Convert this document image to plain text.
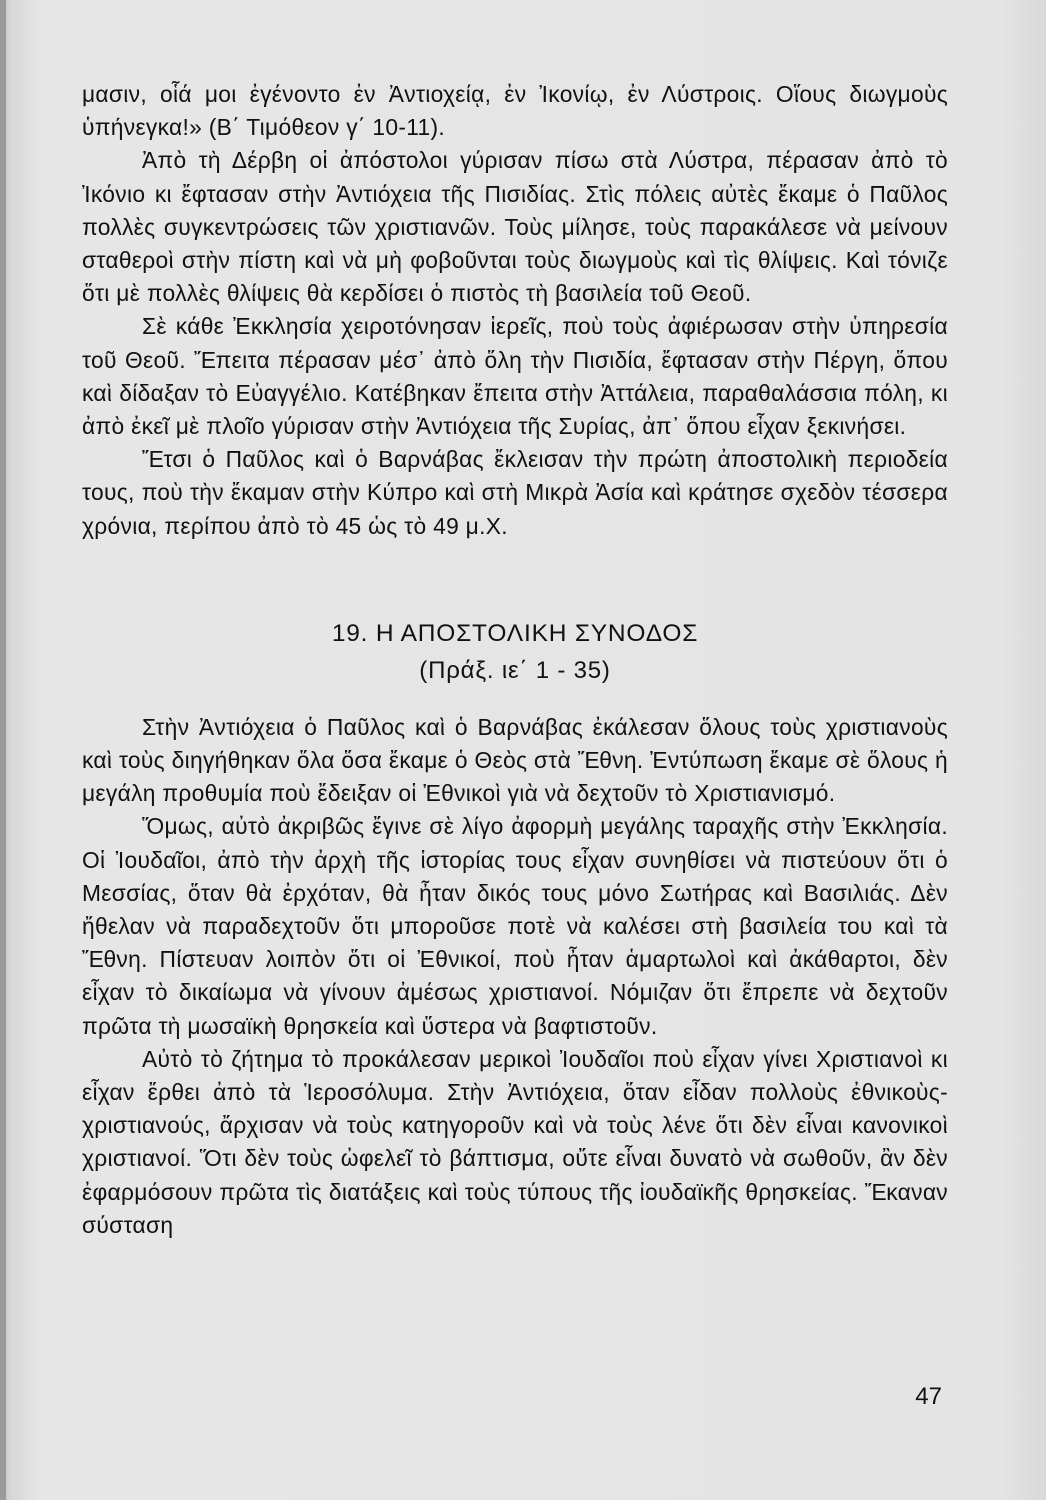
μασιν, οἷά μοι ἐγένοντο ἐν Ἀντιοχείᾳ, ἐν Ἰκονίῳ, ἐν Λύστροις. Οἵους διωγμοὺς ὑπήνεγκα!» (Β΄ Τιμόθεον γ΄ 10-11).

Ἀπὸ τὴ Δέρβη οἱ ἀπόστολοι γύρισαν πίσω στὰ Λύστρα, πέρασαν ἀπὸ τὸ Ἰκόνιο κι ἔφτασαν στὴν Ἀντιόχεια τῆς Πισιδίας. Στὶς πόλεις αὐτὲς ἔκαμε ὁ Παῦλος πολλὲς συγκεντρώσεις τῶν χριστιανῶν. Τοὺς μίλησε, τοὺς παρακάλεσε νὰ μείνουν σταθεροὶ στὴν πίστη καὶ νὰ μὴ φοβοῦνται τοὺς διωγμοὺς καὶ τὶς θλίψεις. Καὶ τόνιζε ὅτι μὲ πολλὲς θλίψεις θὰ κερδίσει ὁ πιστὸς τὴ βασιλεία τοῦ Θεοῦ.

Σὲ κάθε Ἐκκλησία χειροτόνησαν ἱερεῖς, ποὺ τοὺς ἀφιέρωσαν στὴν ὑπηρεσία τοῦ Θεοῦ. Ἔπειτα πέρασαν μέσ᾽ ἀπὸ ὅλη τὴν Πισιδία, ἔφτασαν στὴν Πέργη, ὅπου καὶ δίδαξαν τὸ Εὐαγγέλιο. Κατέβηκαν ἔπειτα στὴν Ἀττάλεια, παραθαλάσσια πόλη, κι ἀπὸ ἐκεῖ μὲ πλοῖο γύρισαν στὴν Ἀντιόχεια τῆς Συρίας, ἀπ᾽ ὅπου εἶχαν ξεκινήσει.

Ἔτσι ὁ Παῦλος καὶ ὁ Βαρνάβας ἔκλεισαν τὴν πρώτη ἀποστολικὴ περιοδεία τους, ποὺ τὴν ἔκαμαν στὴν Κύπρο καὶ στὴ Μικρὰ Ἀσία καὶ κράτησε σχεδὸν τέσσερα χρόνια, περίπου ἀπὸ τὸ 45 ὡς τὸ 49 μ.Χ.

19. Η ΑΠΟΣΤΟΛΙΚΗ ΣΥΝΟΔΟΣ

(Πράξ. ιε΄ 1 - 35)

Στὴν Ἀντιόχεια ὁ Παῦλος καὶ ὁ Βαρνάβας ἐκάλεσαν ὅλους τοὺς χριστιανοὺς καὶ τοὺς διηγήθηκαν ὅλα ὅσα ἔκαμε ὁ Θεὸς στὰ Ἔθνη. Ἐντύπωση ἔκαμε σὲ ὅλους ἡ μεγάλη προθυμία ποὺ ἔδειξαν οἱ Ἐθνικοὶ γιὰ νὰ δεχτοῦν τὸ Χριστιανισμό.

Ὅμως, αὐτὸ ἀκριβῶς ἔγινε σὲ λίγο ἀφορμὴ μεγάλης ταραχῆς στὴν Ἐκκλησία. Οἱ Ἰουδαῖοι, ἀπὸ τὴν ἀρχὴ τῆς ἱστορίας τους εἶχαν συνηθίσει νὰ πιστεύουν ὅτι ὁ Μεσσίας, ὅταν θὰ ἐρχόταν, θὰ ἦταν δικός τους μόνο Σωτήρας καὶ Βασιλιάς. Δὲν ἤθελαν νὰ παραδεχτοῦν ὅτι μποροῦσε ποτὲ νὰ καλέσει στὴ βασιλεία του καὶ τὰ Ἔθνη. Πίστευαν λοιπὸν ὅτι οἱ Ἐθνικοί, ποὺ ἦταν ἁμαρτωλοὶ καὶ ἀκάθαρτοι, δὲν εἶχαν τὸ δικαίωμα νὰ γίνουν ἀμέσως χριστιανοί. Νόμιζαν ὅτι ἔπρεπε νὰ δεχτοῦν πρῶτα τὴ μωσαϊκὴ θρησκεία καὶ ὕστερα νὰ βαφτιστοῦν.

Αὐτὸ τὸ ζήτημα τὸ προκάλεσαν μερικοὶ Ἰουδαῖοι ποὺ εἶχαν γίνει Χριστιανοὶ κι εἶχαν ἔρθει ἀπὸ τὰ Ἱεροσόλυμα. Στὴν Ἀντιόχεια, ὅταν εἶδαν πολλοὺς ἐθνικοὺς-χριστιανούς, ἄρχισαν νὰ τοὺς κατηγοροῦν καὶ νὰ τοὺς λένε ὅτι δὲν εἶναι κανονικοὶ χριστιανοί. Ὅτι δὲν τοὺς ὠφελεῖ τὸ βάπτισμα, οὔτε εἶναι δυνατὸ νὰ σωθοῦν, ἂν δὲν ἐφαρμόσουν πρῶτα τὶς διατάξεις καὶ τοὺς τύπους τῆς ἰουδαϊκῆς θρησκείας. Ἔκαναν σύσταση

47
